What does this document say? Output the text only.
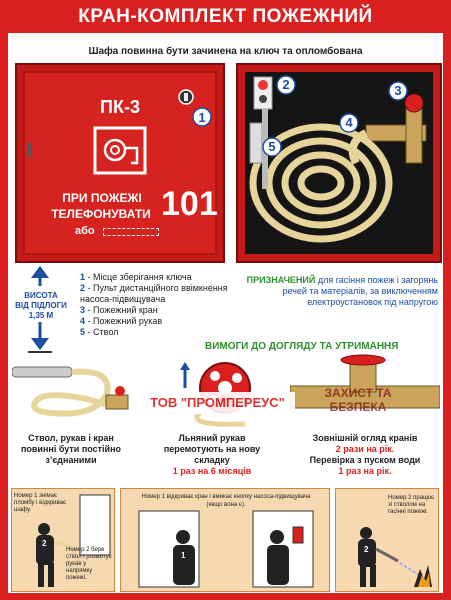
КРАН-КОМПЛЕКТ ПОЖЕЖНИЙ
Шафа повинна бути зачинена на ключ та опломбована
ПК-3
1
ПРИ ПОЖЕЖІ
ТЕЛЕФОНУВАТИ
або
101
2	3
4
5
ВИСОТА
ВІД ПІДЛОГИ
1,35 М
1 - Місце зберігання ключа
2 - Пульт дистанційного ввімкнення насоса-підвищувача
3 - Пожежний кран
4 - Пожежний рукав
5 - Ствол
ПРИЗНАЧЕНИЙ для гасіння пожеж і загорянь речей та матеріалів, за виключенням електроустановок під напругою
ВИМОГИ ДО ДОГЛЯДУ ТА УТРИМАННЯ
ТОВ "ПРОМПЕРЕУС"
ЗАХИСТ ТА БЕЗПЕКА
Ствол, рукав і кран повинні бути постійно з’єднаними
Льняний рукав перемотують на нову складку
1 раз на 6 місяців
Зовнішній огляд кранів
2 рази на рік.
Перевірка з пуском води
1 раз на рік.
Номер 1 знімає пломбу і відкриває шафу.
Номер 2 бере ствол і розмотує рукав у напрямку пожежі.
2
Номер 1 відкриває кран і вмикає кнопку насоса-підвищувача (якщо вона є).
1
Номер 2 працює зі стволом на гасінні пожежі.
2
